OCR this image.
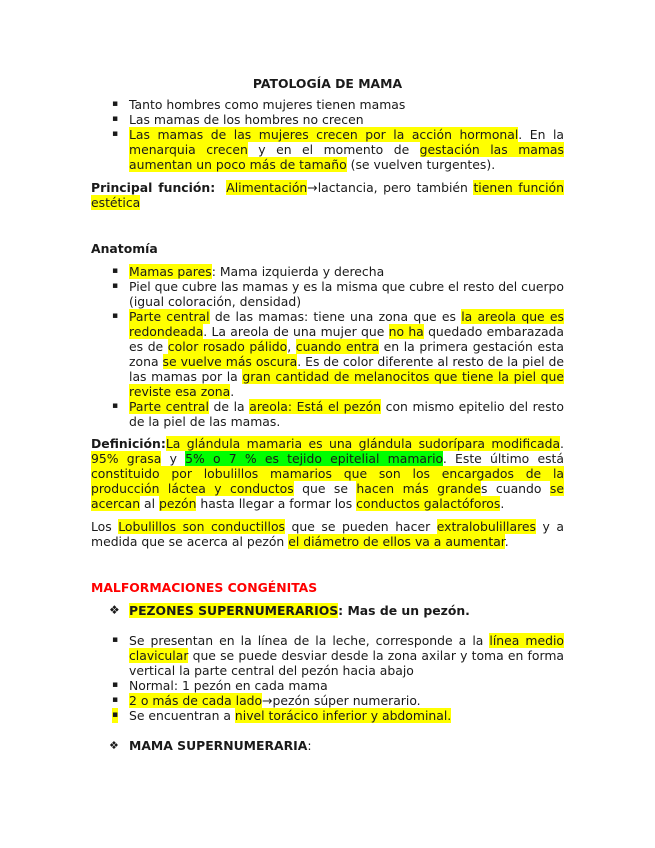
PATOLOGÍA DE MAMA
▪ Tanto hombres como mujeres tienen mamas
▪ Las mamas de los hombres no crecen
▪ Las mamas de las mujeres crecen por la acción hormonal. En la menarquia crecen y en el momento de gestación las mamas aumentan un poco más de tamaño (se vuelven turgentes).
Principal función: Alimentación→lactancia, pero también tienen función estética
Anatomía
▪ Mamas pares: Mama izquierda y derecha
▪ Piel que cubre las mamas y es la misma que cubre el resto del cuerpo (igual coloración, densidad)
▪ Parte central de las mamas: tiene una zona que es la areola que es redondeada. La areola de una mujer que no ha quedado embarazada es de color rosado pálido, cuando entra en la primera gestación esta zona se vuelve más oscura. Es de color diferente al resto de la piel de las mamas por la gran cantidad de melanocitos que tiene la piel que reviste esa zona.
▪ Parte central de la areola: Está el pezón con mismo epitelio del resto de la piel de las mamas.
Definición:La glándula mamaria es una glándula sudorípara modificada. 95% grasa y 5% o 7 % es tejido epitelial mamario. Este último está constituido por lobulillos mamarios que son los encargados de la producción láctea y conductos que se hacen más grandes cuando se acercan al pezón hasta llegar a formar los conductos galactóforos.
Los Lobulillos son conductillos que se pueden hacer extralobulillares y a medida que se acerca al pezón el diámetro de ellos va a aumentar.
MALFORMACIONES CONGÉNITAS
❖ PEZONES SUPERNUMERARIOS: Mas de un pezón.
▪ Se presentan en la línea de la leche, corresponde a la línea medio clavicular que se puede desviar desde la zona axilar y toma en forma vertical la parte central del pezón hacia abajo
▪ Normal: 1 pezón en cada mama
▪ 2 o más de cada lado→pezón súper numerario.
▪ Se encuentran a nivel torácico inferior y abdominal.
❖ MAMA SUPERNUMERARIA:
